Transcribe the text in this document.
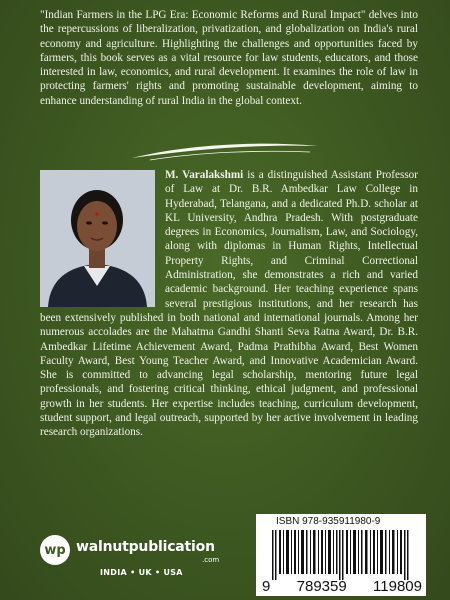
"Indian Farmers in the LPG Era: Economic Reforms and Rural Impact" delves into the repercussions of liberalization, privatization, and globalization on India's rural economy and agriculture. Highlighting the challenges and opportunities faced by farmers, this book serves as a vital resource for law students, educators, and those interested in law, economics, and rural development. It examines the role of law in protecting farmers' rights and promoting sustainable development, aiming to enhance understanding of rural India in the global context.

M. Varalakshmi is a distinguished Assistant Professor of Law at Dr. B.R. Ambedkar Law College in Hyderabad, Telangana, and a dedicated Ph.D. scholar at KL University, Andhra Pradesh. With postgraduate degrees in Economics, Journalism, Law, and Sociology, along with diplomas in Human Rights, Intellectual Property Rights, and Criminal Correctional Administration, she demonstrates a rich and varied academic background. Her teaching experience spans several prestigious institutions, and her research has been extensively published in both national and international journals. Among her numerous accolades are the Mahatma Gandhi Shanti Seva Ratna Award, Dr. B.R. Ambedkar Lifetime Achievement Award, Padma Prathibha Award, Best Women Faculty Award, Best Young Teacher Award, and Innovative Academician Award. She is committed to advancing legal scholarship, mentoring future legal professionals, and fostering critical thinking, ethical judgment, and professional growth in her students. Her expertise includes teaching, curriculum development, student support, and legal outreach, supported by her active involvement in leading research organizations.
wp walnutpublication
.com
INDIA • UK • USA
ISBN 978-935911980-9
9 789359 119809
